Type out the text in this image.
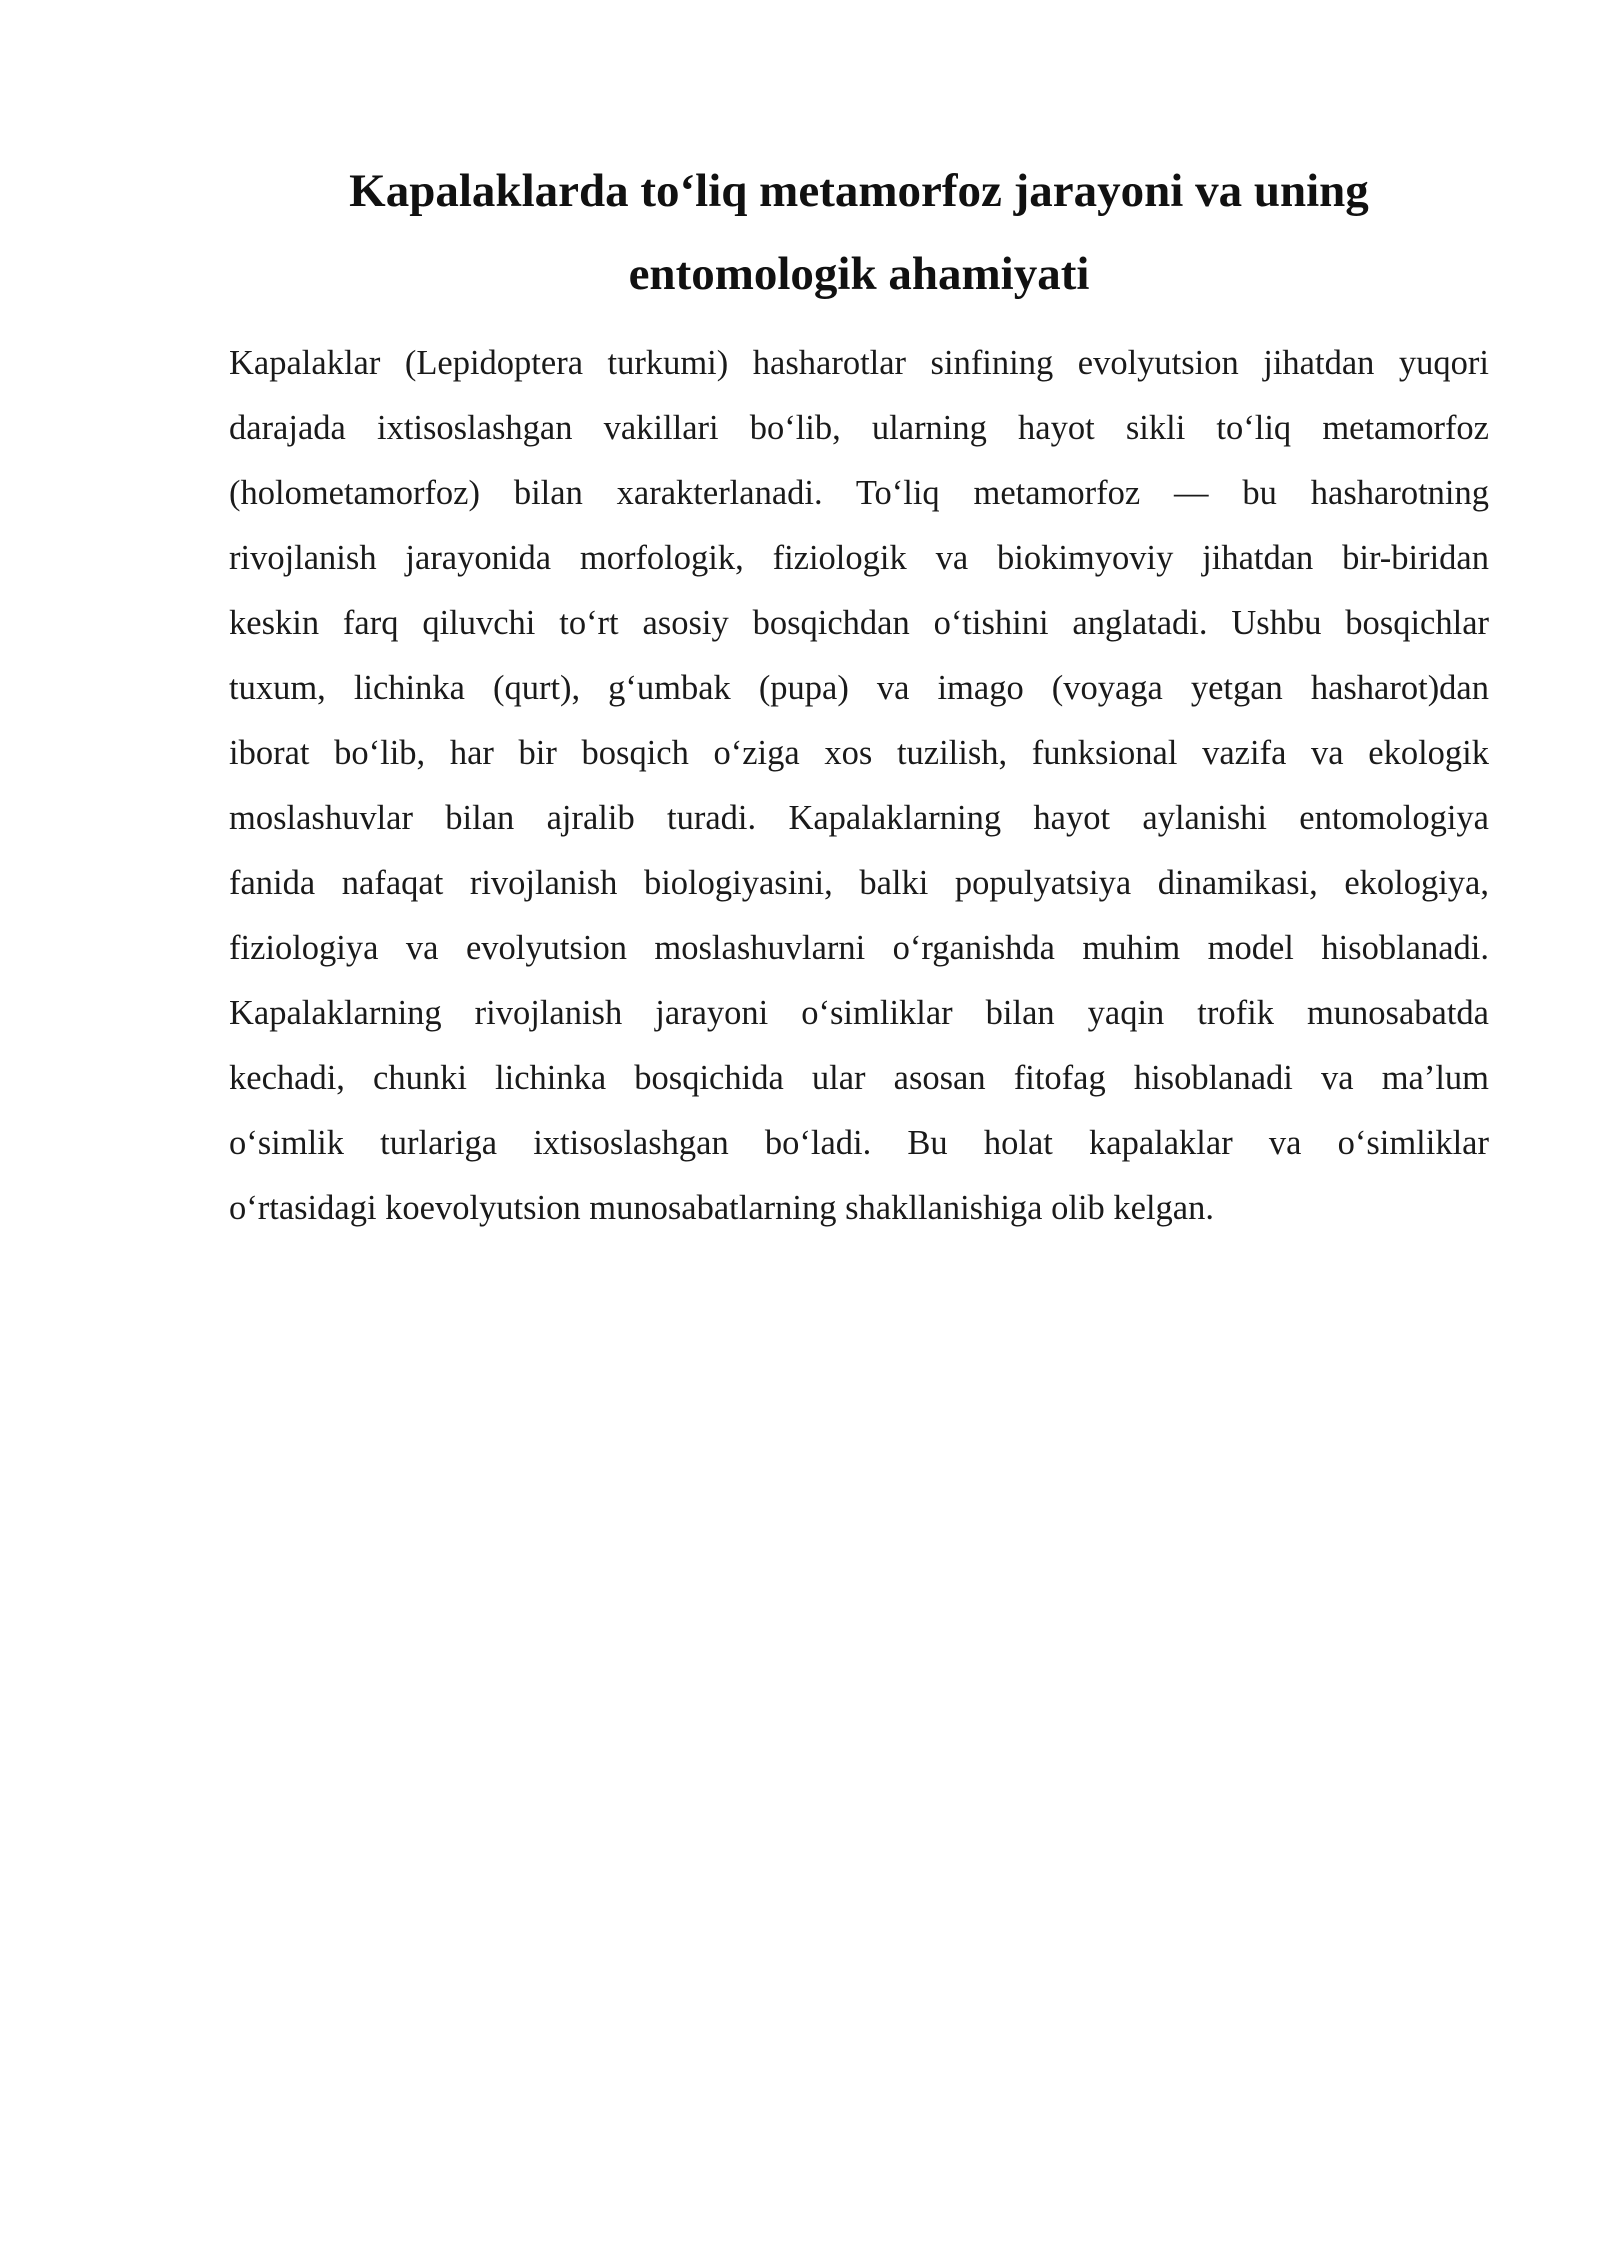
Kapalaklarda to‘liq metamorfoz jarayoni va uning
entomologik ahamiyati
Kapalaklar (Lepidoptera turkumi) hasharotlar sinfining evolyutsion jihatdan yuqori
darajada ixtisoslashgan vakillari bo‘lib, ularning hayot sikli to‘liq metamorfoz
(holometamorfoz) bilan xarakterlanadi. To‘liq metamorfoz — bu hasharotning
rivojlanish jarayonida morfologik, fiziologik va biokimyoviy jihatdan bir-biridan
keskin farq qiluvchi to‘rt asosiy bosqichdan o‘tishini anglatadi. Ushbu bosqichlar
tuxum, lichinka (qurt), g‘umbak (pupa) va imago (voyaga yetgan hasharot)dan
iborat bo‘lib, har bir bosqich o‘ziga xos tuzilish, funksional vazifa va ekologik
moslashuvlar bilan ajralib turadi. Kapalaklarning hayot aylanishi entomologiya
fanida nafaqat rivojlanish biologiyasini, balki populyatsiya dinamikasi, ekologiya,
fiziologiya va evolyutsion moslashuvlarni o‘rganishda muhim model hisoblanadi.
Kapalaklarning rivojlanish jarayoni o‘simliklar bilan yaqin trofik munosabatda
kechadi, chunki lichinka bosqichida ular asosan fitofag hisoblanadi va ma’lum
o‘simlik turlariga ixtisoslashgan bo‘ladi. Bu holat kapalaklar va o‘simliklar
o‘rtasidagi koevolyutsion munosabatlarning shakllanishiga olib kelgan.
